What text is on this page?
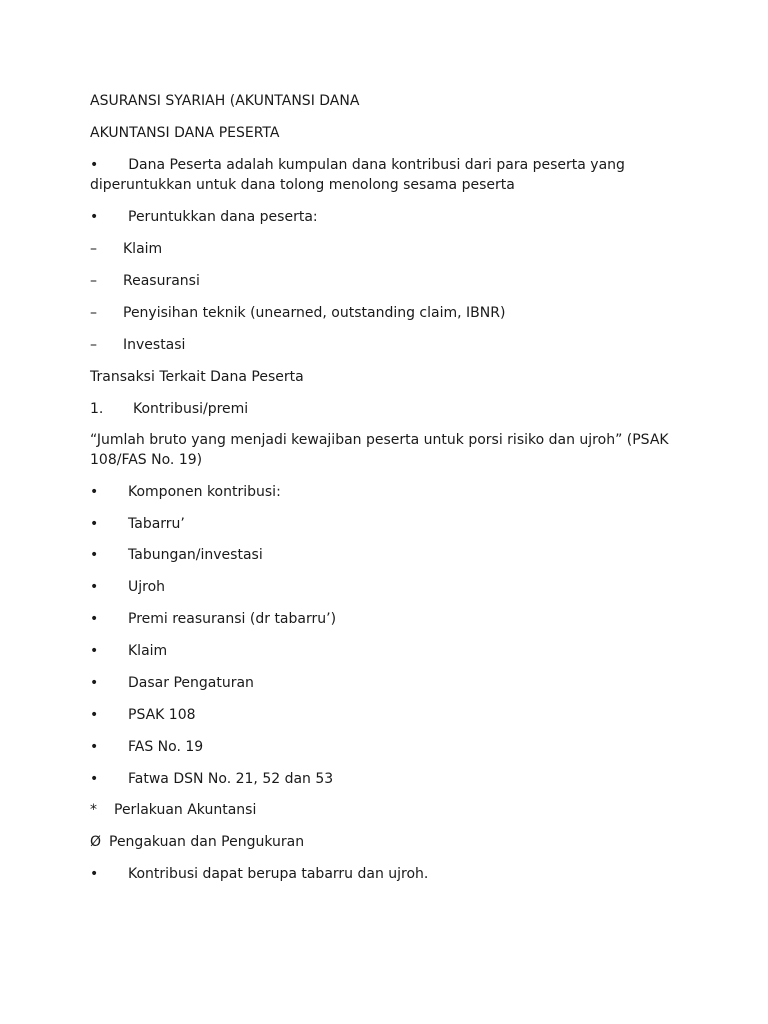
ASURANSI SYARIAH (AKUNTANSI DANA
AKUNTANSI DANA PESERTA
• Dana Peserta adalah kumpulan dana kontribusi dari para peserta yang diperuntukkan untuk dana tolong menolong sesama peserta
• Peruntukkan dana peserta:
– Klaim
– Reasuransi
– Penyisihan teknik (unearned, outstanding claim, IBNR)
– Investasi
Transaksi Terkait Dana Peserta
1. Kontribusi/premi
“Jumlah bruto yang menjadi kewajiban peserta untuk porsi risiko dan ujroh” (PSAK 108/FAS No. 19)
• Komponen kontribusi:
• Tabarru’
• Tabungan/investasi
• Ujroh
• Premi reasuransi (dr tabarru’)
• Klaim
• Dasar Pengaturan
• PSAK 108
• FAS No. 19
• Fatwa DSN No. 21, 52 dan 53
* Perlakuan Akuntansi
Ø Pengakuan dan Pengukuran
• Kontribusi dapat berupa tabarru dan ujroh.
